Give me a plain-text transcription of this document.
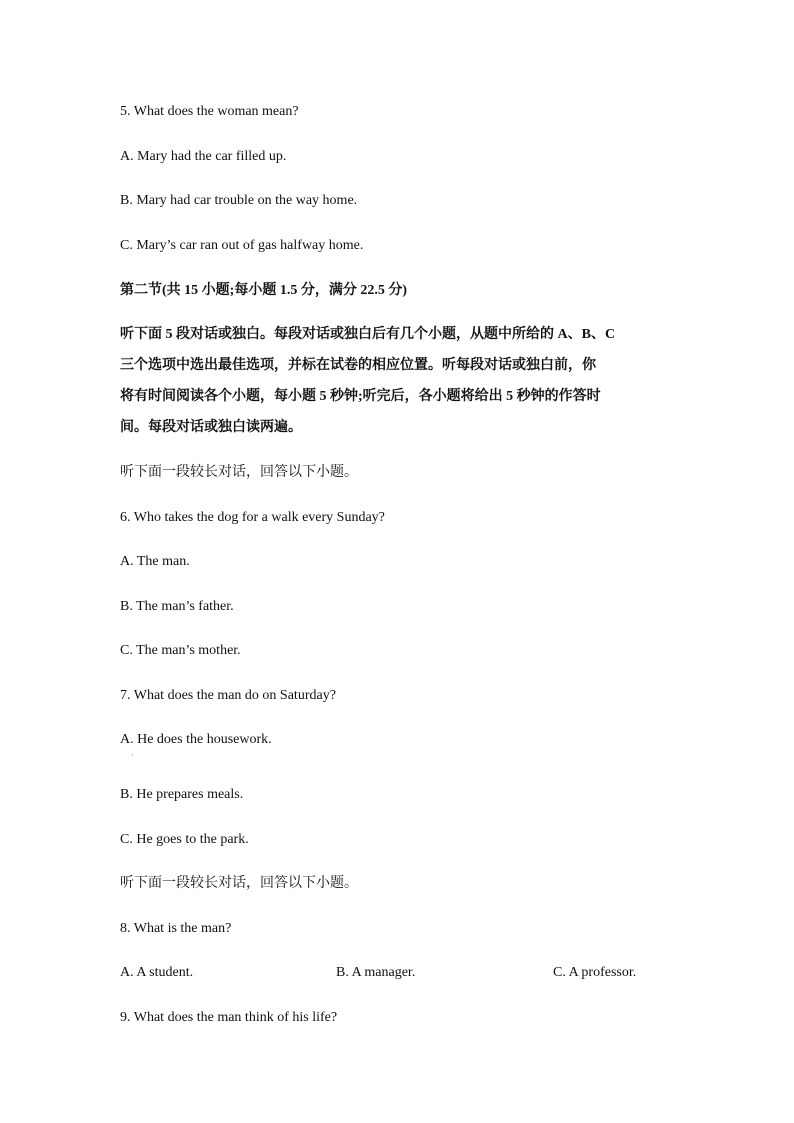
5. What does the woman mean?
A. Mary had the car filled up.
B. Mary had car trouble on the way home.
C. Mary’s car ran out of gas halfway home.
第二节(共 15 小题;每小题 1.5 分，满分 22.5 分)
听下面 5 段对话或独白。每段对话或独白后有几个小题，从题中所给的 A、B、C
三个选项中选出最佳选项，并标在试卷的相应位置。听每段对话或独白前，你
将有时间阅读各个小题，每小题 5 秒钟;听完后，各小题将给出 5 秒钟的作答时
间。每段对话或独白读两遍。
听下面一段较长对话，回答以下小题。
6. Who takes the dog for a walk every Sunday?
A. The man.
B. The man’s father.
C. The man’s mother.
7. What does the man do on Saturday?
A. He does the housework.
·
B. He prepares meals.
C. He goes to the park.
听下面一段较长对话，回答以下小题。
8. What is the man?
A. A student.	B. A manager.	C. A professor.
9. What does the man think of his life?
